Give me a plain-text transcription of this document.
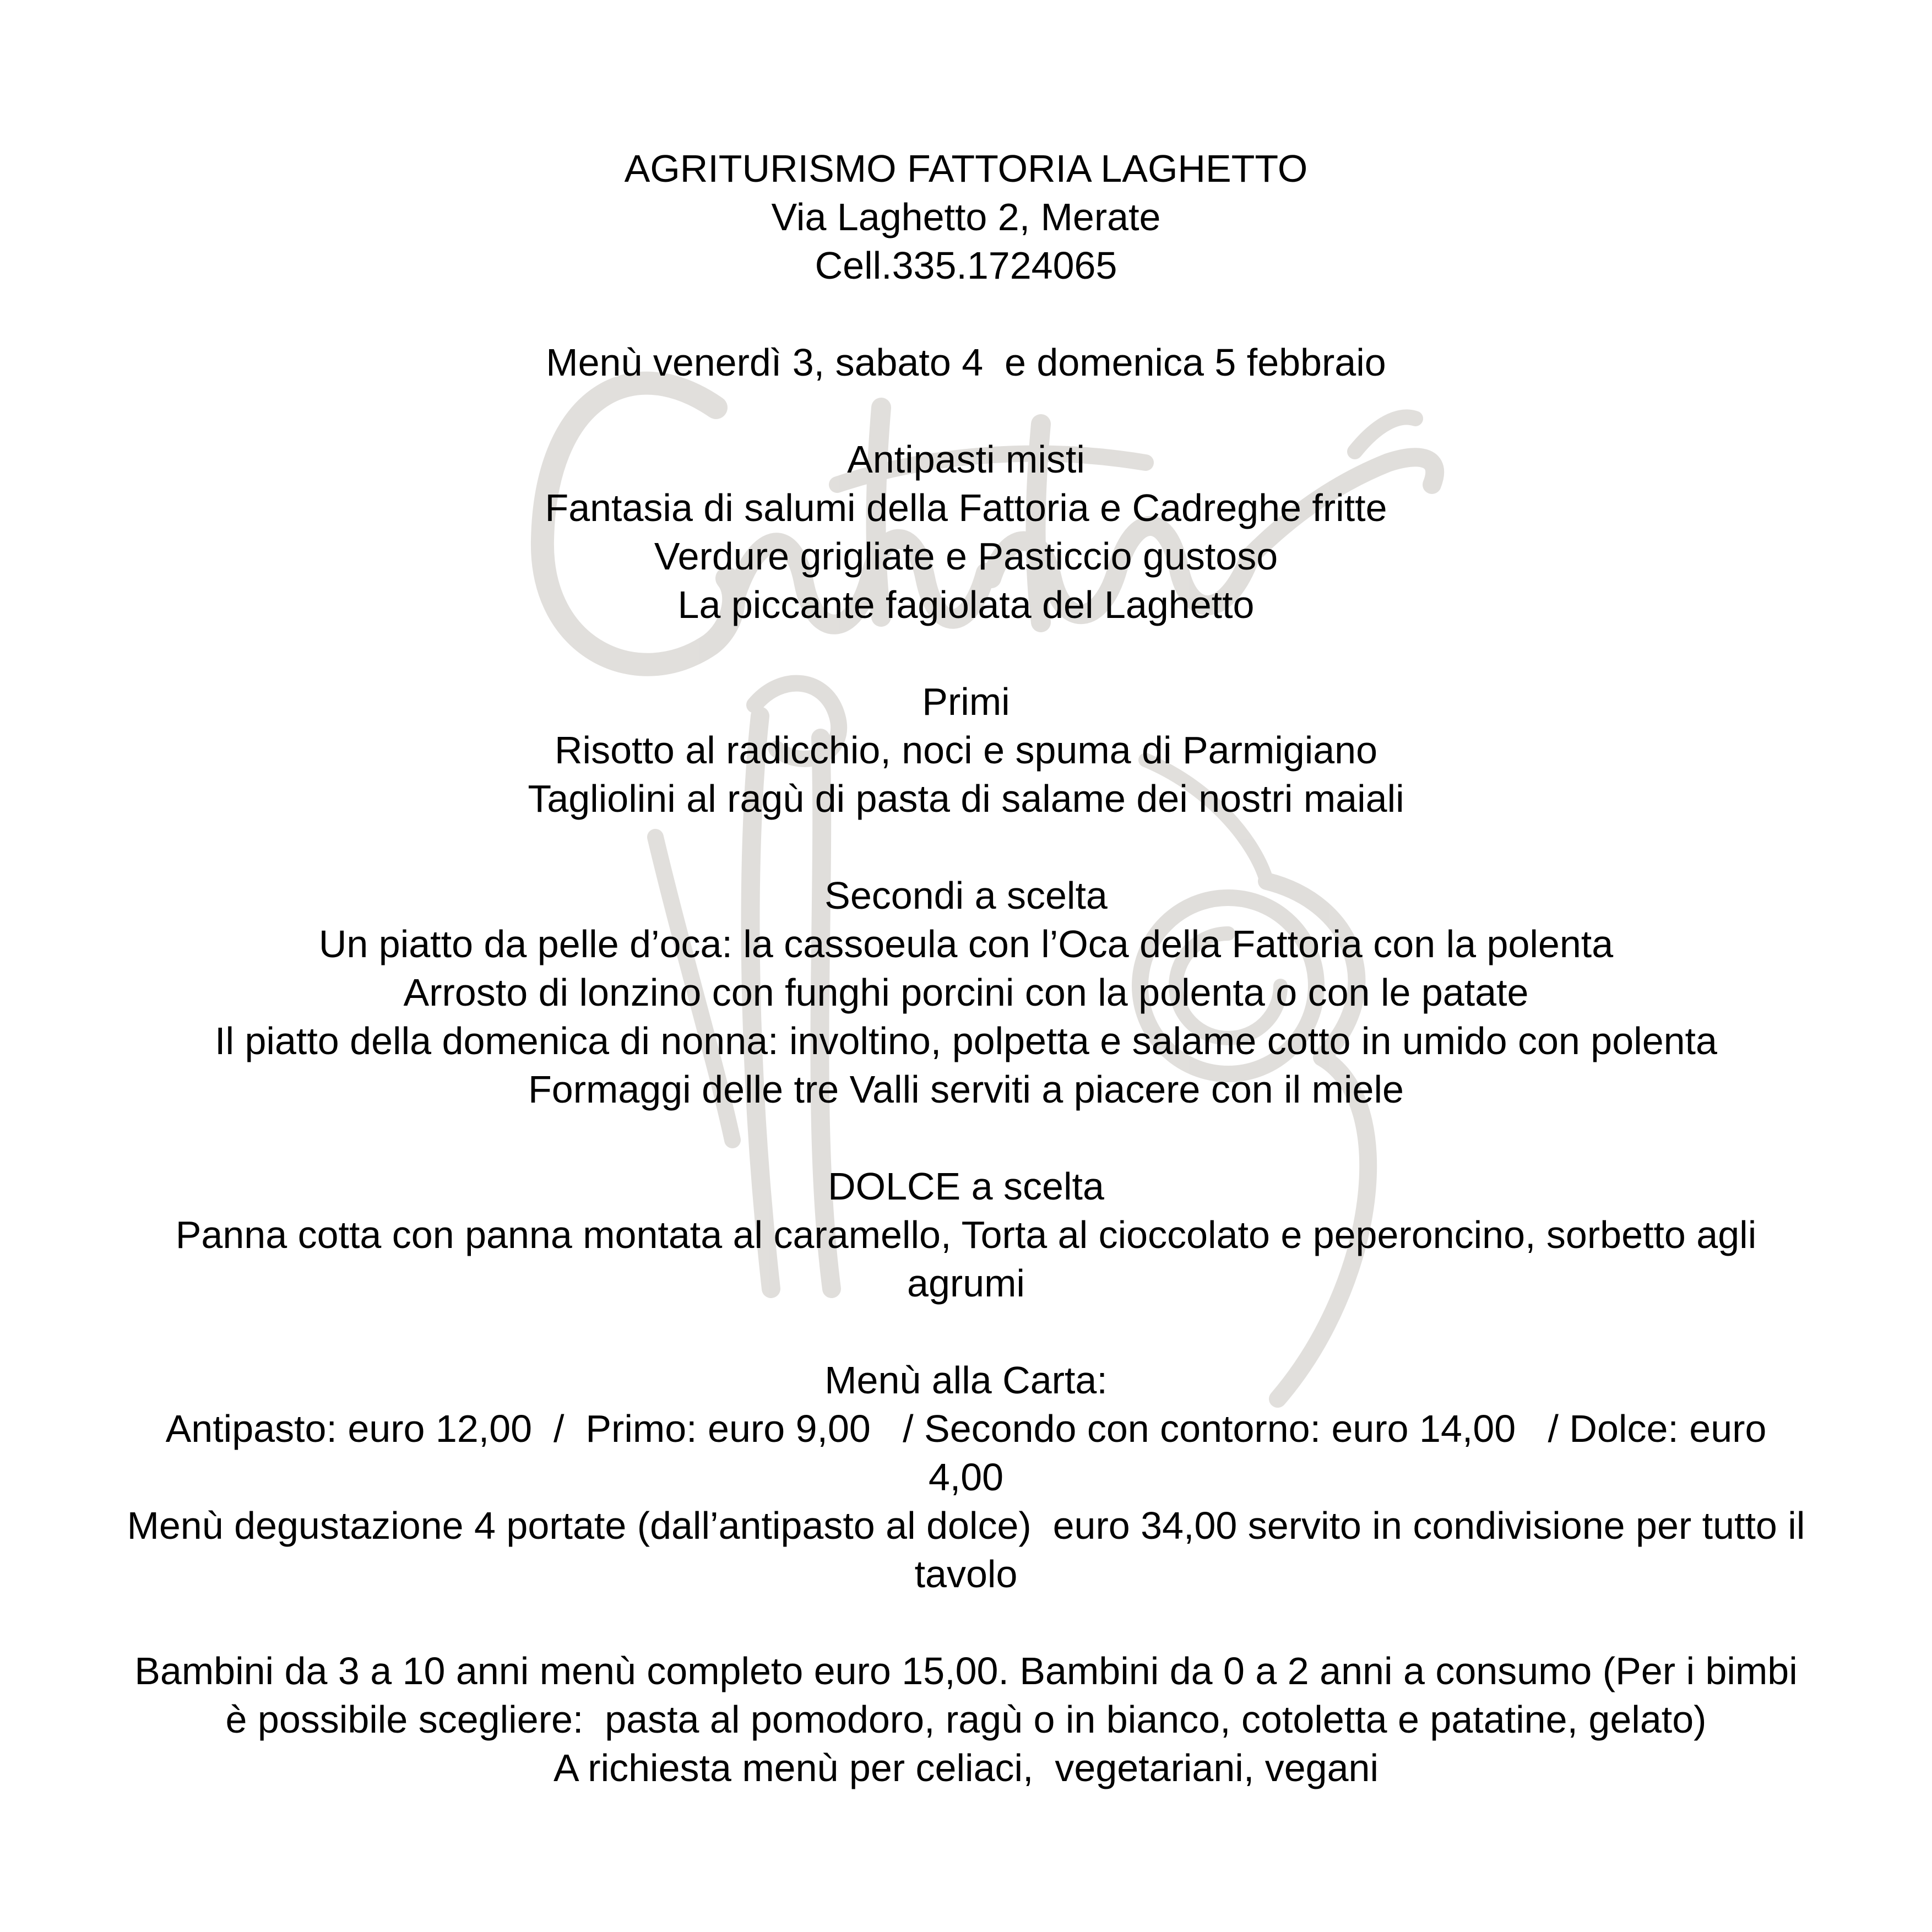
AGRITURISMO FATTORIA LAGHETTO

Via Laghetto 2, Merate

Cell.335.1724065

Menù venerdì 3, sabato 4  e domenica 5 febbraio

Antipasti misti

Fantasia di salumi della Fattoria e Cadreghe fritte

Verdure grigliate e Pasticcio gustoso

La piccante fagiolata del Laghetto

Primi

Risotto al radicchio, noci e spuma di Parmigiano

Tagliolini al ragù di pasta di salame dei nostri maiali

Secondi a scelta

Un piatto da pelle d’oca: la cassoeula con l’Oca della Fattoria con la polenta

Arrosto di lonzino con funghi porcini con la polenta o con le patate

Il piatto della domenica di nonna: involtino, polpetta e salame cotto in umido con polenta

Formaggi delle tre Valli serviti a piacere con il miele

DOLCE a scelta

Panna cotta con panna montata al caramello, Torta al cioccolato e peperoncino, sorbetto agli agrumi

Menù alla Carta:

Antipasto: euro 12,00  /  Primo: euro 9,00   / Secondo con contorno: euro 14,00   / Dolce: euro 4,00

Menù degustazione 4 portate (dall’antipasto al dolce)  euro 34,00 servito in condivisione per tutto il tavolo

Bambini da 3 a 10 anni menù completo euro 15,00. Bambini da 0 a 2 anni a consumo (Per i bimbi è possibile scegliere:  pasta al pomodoro, ragù o in bianco, cotoletta e patatine, gelato)

A richiesta menù per celiaci,  vegetariani, vegani
